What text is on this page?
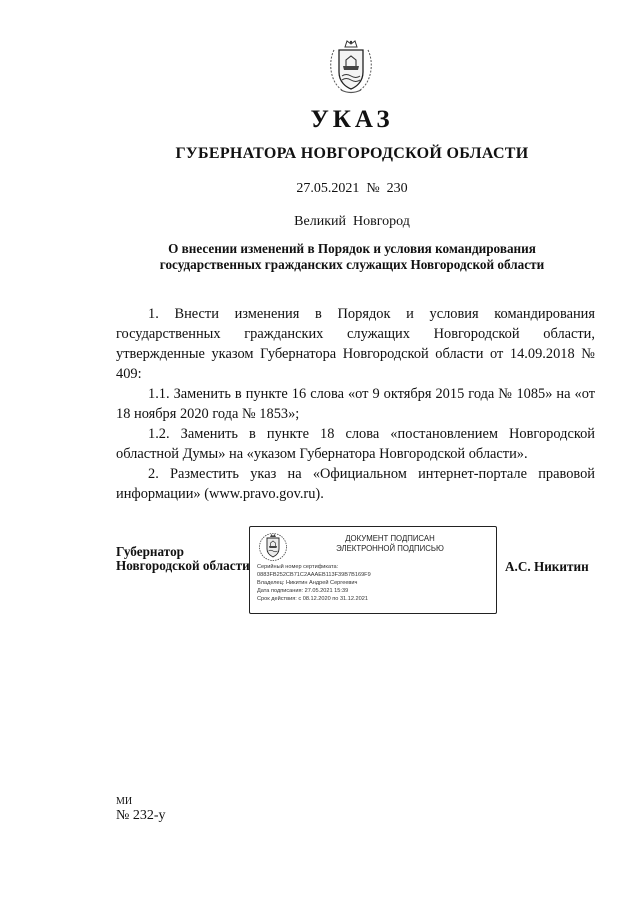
УКАЗ
ГУБЕРНАТОРА НОВГОРОДСКОЙ ОБЛАСТИ
27.05.2021  №  230
Великий  Новгород
О внесении изменений в Порядок и условия командирования
государственных гражданских служащих Новгородской области

1. Внести изменения в Порядок и условия командирования государственных гражданских служащих Новгородской области, утвержденные указом Губернатора Новгородской области от 14.09.2018 № 409:

1.1. Заменить в пункте 16 слова «от 9 октября 2015 года № 1085» на «от 18 ноября 2020 года № 1853»;

1.2. Заменить в пункте 18 слова «постановлением Новгородской областной Думы» на «указом Губернатора Новгородской области».

2. Разместить указ на «Официальном интернет-портале правовой информации» (www.pravo.gov.ru).

Губернатор
Новгородской области
ДОКУМЕНТ ПОДПИСАН
ЭЛЕКТРОННОЙ ПОДПИСЬЮ
Серийный номер сертификата:
0883FB252CB71C2AAAEB113F39B7B169F9
Владелец: Никитин Андрей Сергеевич
Дата подписания: 27.05.2021 15:39
Срок действия: с 08.12.2020 по 31.12.2021
А.С. Никитин
МИ
№ 232-у
